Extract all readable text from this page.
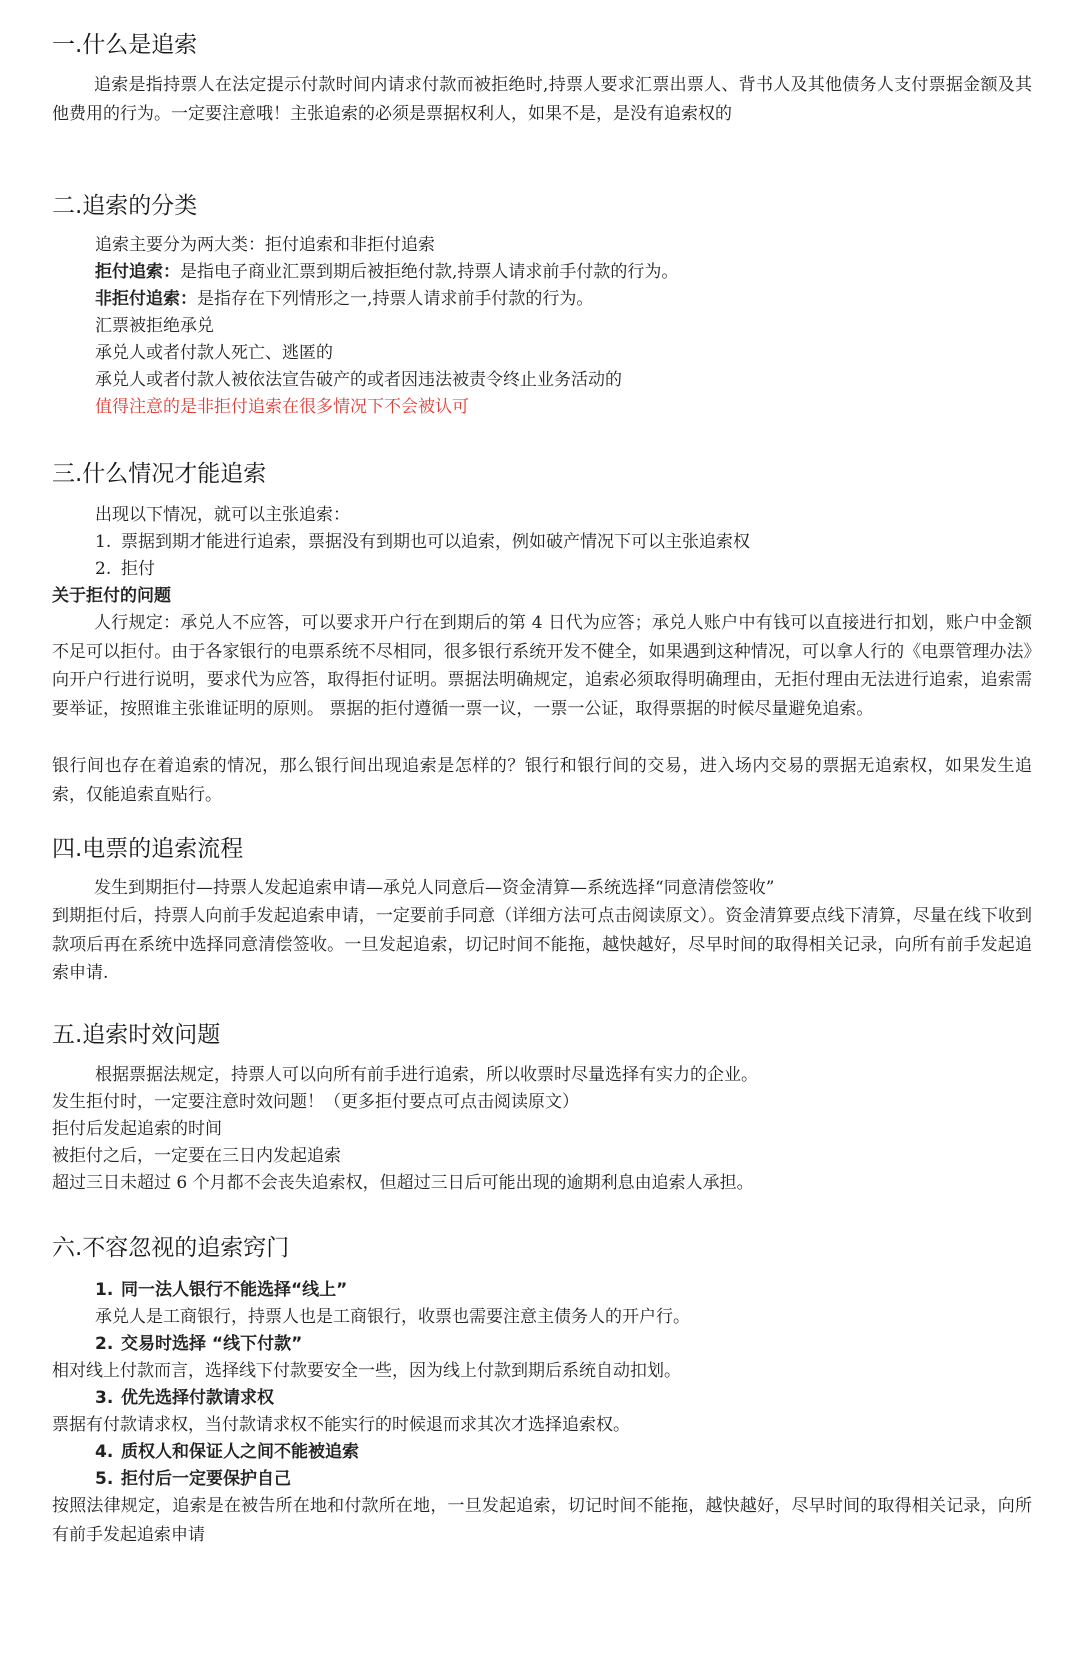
一.什么是追索

追索是指持票人在法定提示付款时间内请求付款而被拒绝时,持票人要求汇票出票人、背书人及其他债务人支付票据金额及其他费用的行为。一定要注意哦！主张追索的必须是票据权利人，如果不是，是没有追索权的

二.追索的分类

追索主要分为两大类：拒付追索和非拒付追索

拒付追索：是指电子商业汇票到期后被拒绝付款,持票人请求前手付款的行为。

非拒付追索：是指存在下列情形之一,持票人请求前手付款的行为。

汇票被拒绝承兑

承兑人或者付款人死亡、逃匿的

承兑人或者付款人被依法宣告破产的或者因违法被责令终止业务活动的

值得注意的是非拒付追索在很多情况下不会被认可

三.什么情况才能追索

出现以下情况，就可以主张追索：

1. 票据到期才能进行追索，票据没有到期也可以追索，例如破产情况下可以主张追索权

2. 拒付

关于拒付的问题

人行规定：承兑人不应答，可以要求开户行在到期后的第 4 日代为应答；承兑人账户中有钱可以直接进行扣划，账户中金额不足可以拒付。由于各家银行的电票系统不尽相同，很多银行系统开发不健全，如果遇到这种情况，可以拿人行的《电票管理办法》向开户行进行说明，要求代为应答，取得拒付证明。票据法明确规定，追索必须取得明确理由，无拒付理由无法进行追索，追索需要举证，按照谁主张谁证明的原则。 票据的拒付遵循一票一议，一票一公证，取得票据的时候尽量避免追索。

银行间也存在着追索的情况，那么银行间出现追索是怎样的？银行和银行间的交易，进入场内交易的票据无追索权，如果发生追索，仅能追索直贴行。

四.电票的追索流程

发生到期拒付—持票人发起追索申请—承兑人同意后—资金清算—系统选择“同意清偿签收”

到期拒付后，持票人向前手发起追索申请，一定要前手同意（详细方法可点击阅读原文）。资金清算要点线下清算，尽量在线下收到款项后再在系统中选择同意清偿签收。一旦发起追索，切记时间不能拖，越快越好，尽早时间的取得相关记录，向所有前手发起追索申请.

五.追索时效问题

根据票据法规定，持票人可以向所有前手进行追索，所以收票时尽量选择有实力的企业。

发生拒付时，一定要注意时效问题！（更多拒付要点可点击阅读原文）

拒付后发起追索的时间

被拒付之后，一定要在三日内发起追索

超过三日未超过 6 个月都不会丧失追索权，但超过三日后可能出现的逾期利息由追索人承担。

六.不容忽视的追索窍门

1. 同一法人银行不能选择“线上”

承兑人是工商银行，持票人也是工商银行，收票也需要注意主债务人的开户行。

2. 交易时选择 “线下付款”

相对线上付款而言，选择线下付款要安全一些，因为线上付款到期后系统自动扣划。

3. 优先选择付款请求权

票据有付款请求权，当付款请求权不能实行的时候退而求其次才选择追索权。

4. 质权人和保证人之间不能被追索

5. 拒付后一定要保护自己

按照法律规定，追索是在被告所在地和付款所在地，一旦发起追索，切记时间不能拖，越快越好，尽早时间的取得相关记录，向所有前手发起追索申请
